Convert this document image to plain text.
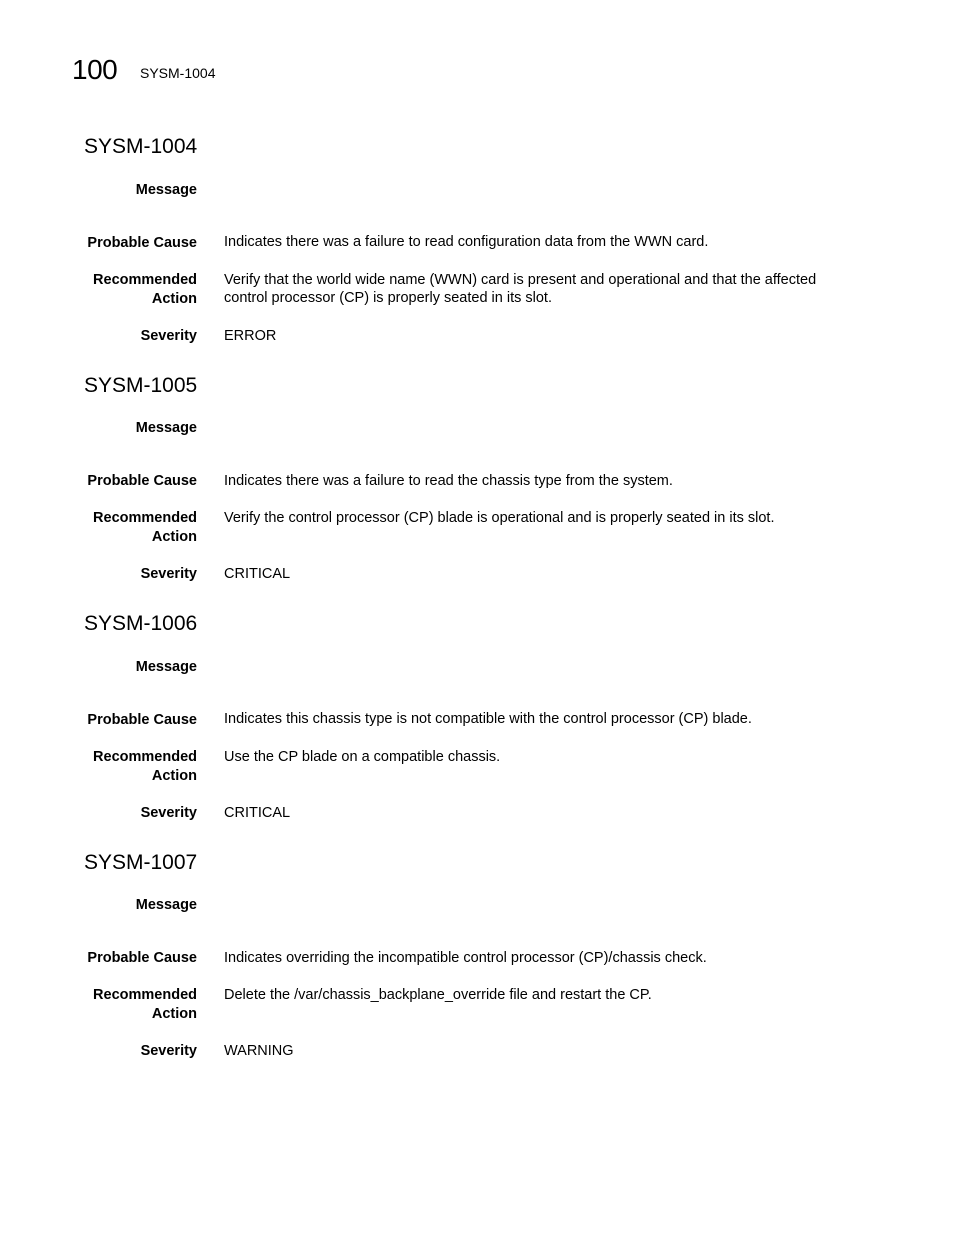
100 SYSM-1004
SYSM-1004
Message
Probable Cause Indicates there was a failure to read configuration data from the WWN card.
Recommended
Action
Verify that the world wide name (WWN) card is present and operational and that the affected
control processor (CP) is properly seated in its slot.
Severity ERROR
SYSM-1005
Message
Probable Cause Indicates there was a failure to read the chassis type from the system.
Recommended
Action
Verify the control processor (CP) blade is operational and is properly seated in its slot.
Severity CRITICAL
SYSM-1006
Message
Probable Cause Indicates this chassis type is not compatible with the control processor (CP) blade.
Recommended
Action
Use the CP blade on a compatible chassis.
Severity CRITICAL
SYSM-1007
Message
Probable Cause Indicates overriding the incompatible control processor (CP)/chassis check.
Recommended
Action
Delete the /var/chassis_backplane_override file and restart the CP.
Severity WARNING
